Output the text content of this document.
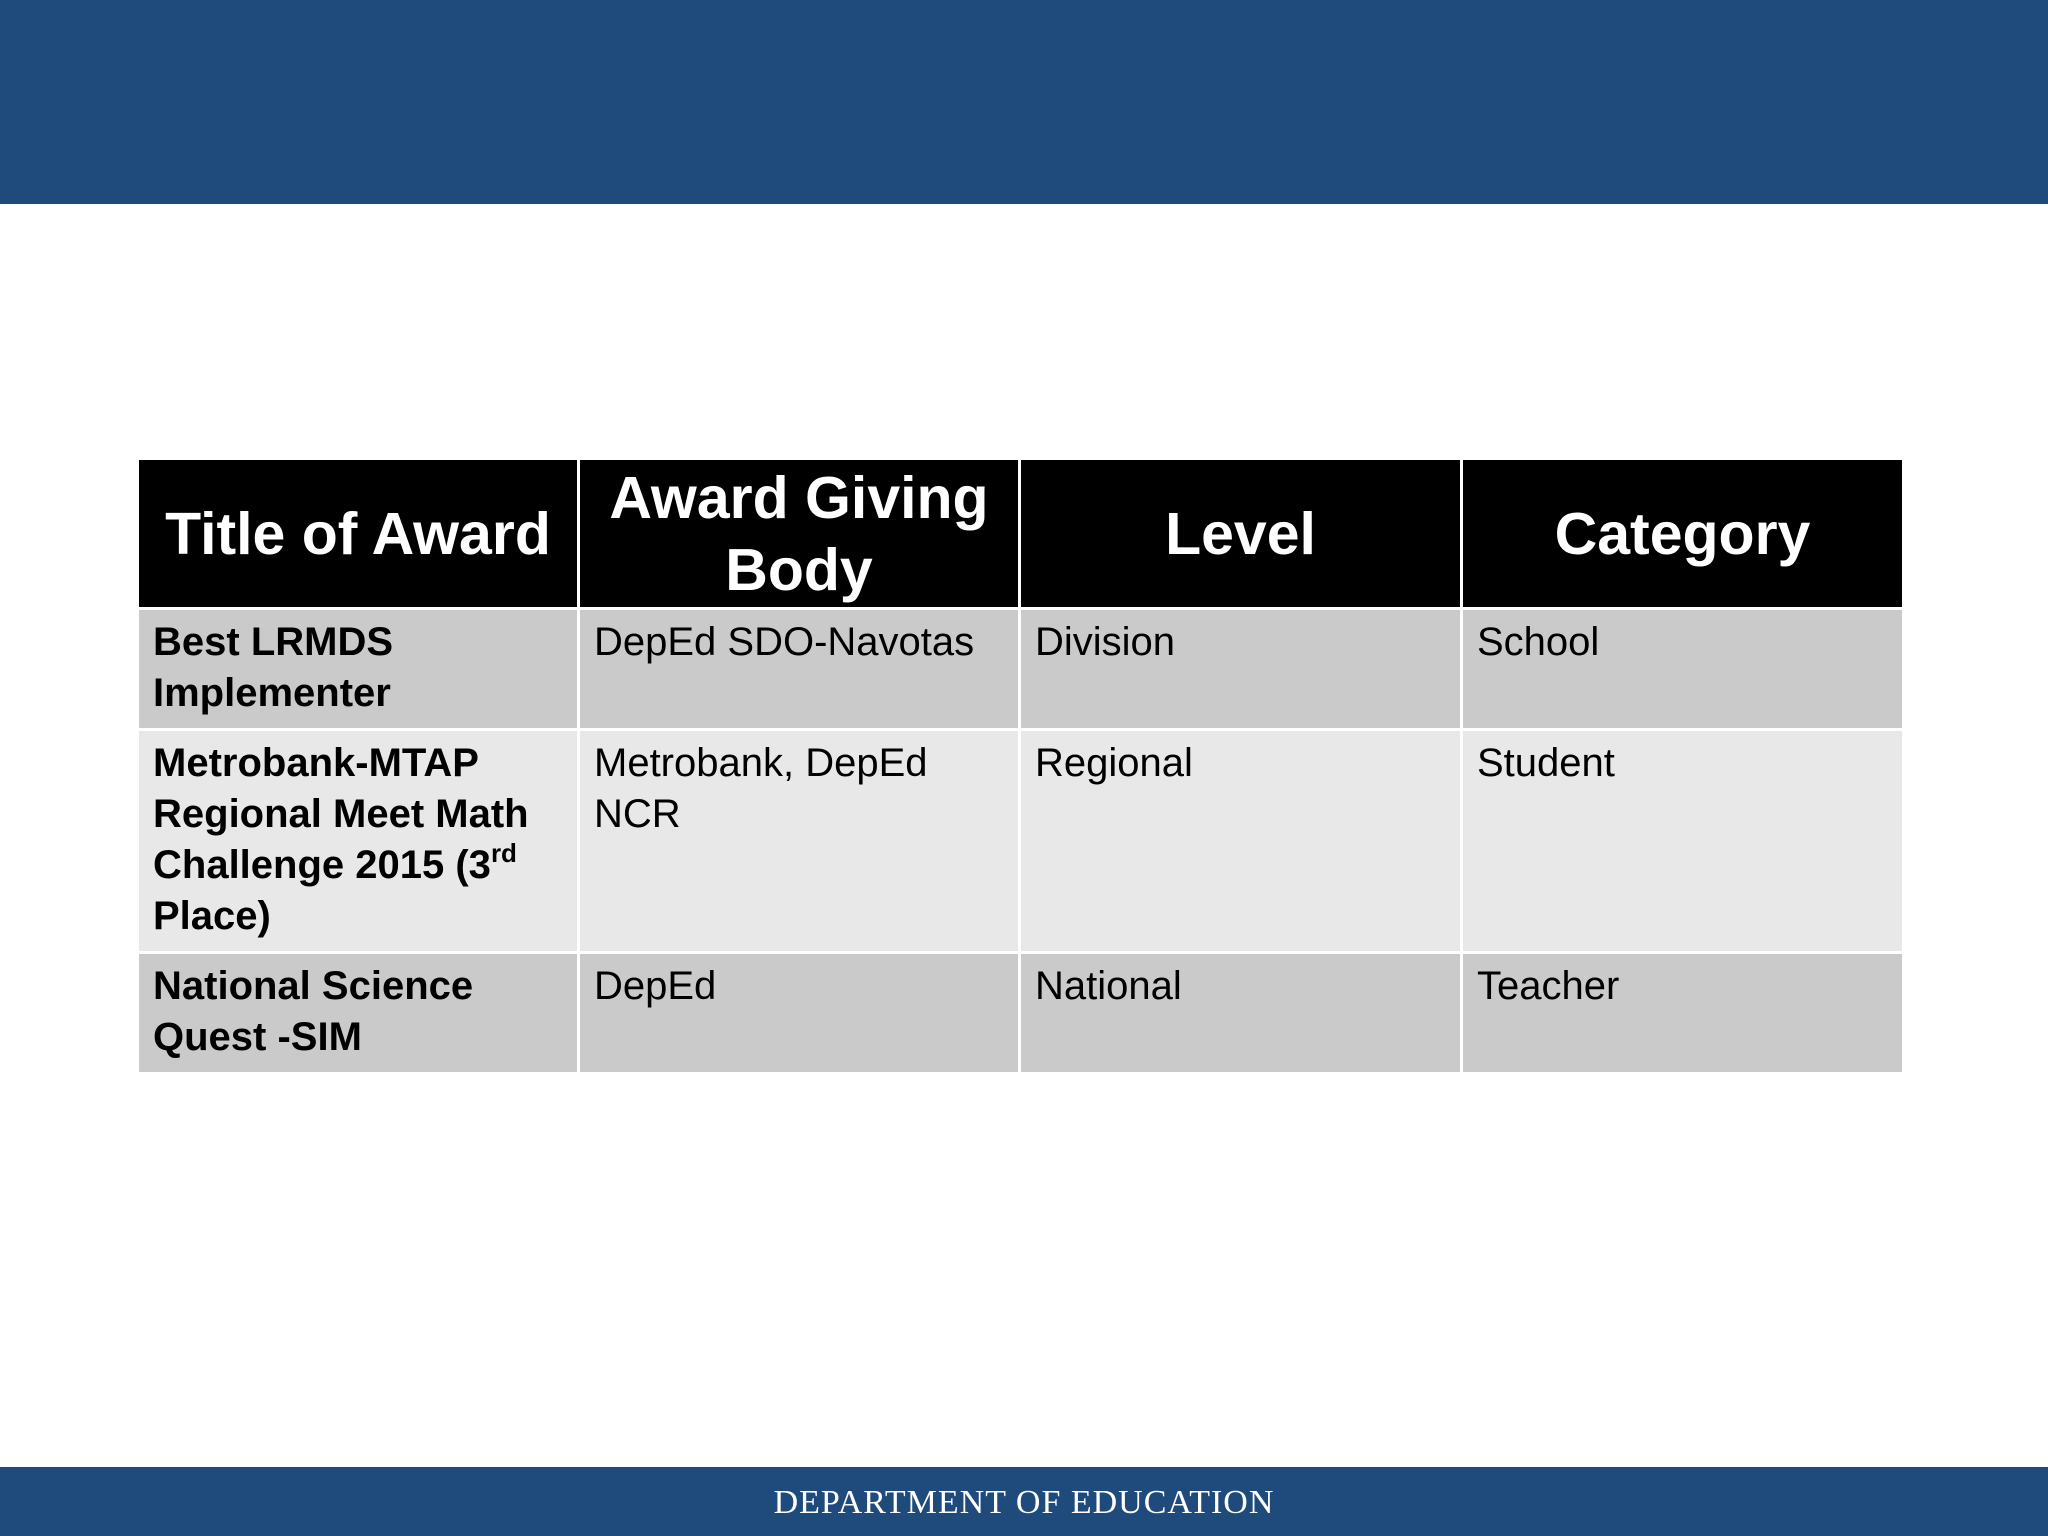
Title of Award	Award Giving Body	Level	Category
Best LRMDS Implementer	DepEd SDO-Navotas	Division	School
Metrobank-MTAP Regional Meet Math Challenge 2015 (3rd Place)	Metrobank, DepEd NCR	Regional	Student
National Science Quest -SIM	DepEd	National	Teacher
DEPARTMENT OF EDUCATION
